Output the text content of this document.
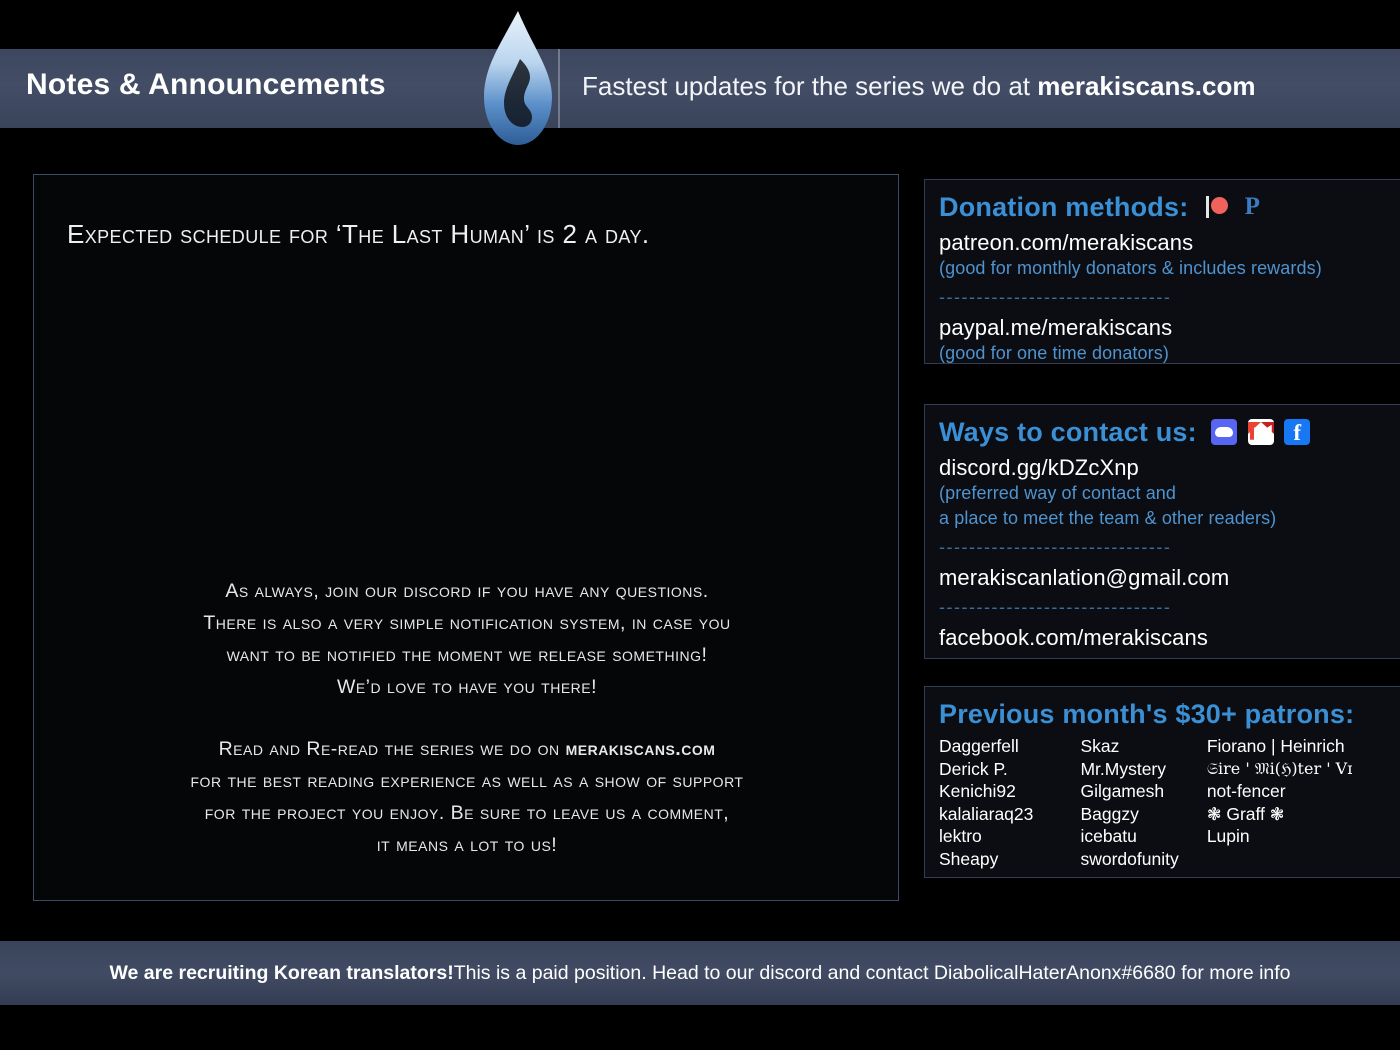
Notes & Announcements	Fastest updates for the series we do at merakiscans.com
Expected schedule for ‘The Last Human’ is 2 a day.

As always, join our discord if you have any questions.
There is also a very simple notification system, in case you
want to be notified the moment we release something!
We’d love to have you there!

Read and Re-read the series we do on merakiscans.com
for the best reading experience as well as a show of support
for the project you enjoy. Be sure to leave us a comment,
it means a lot to us!

Donation methods: P
patreon.com/merakiscans
(good for monthly donators & includes rewards)
-------------------------------
paypal.me/merakiscans
(good for one time donators)
Ways to contact us:	f
discord.gg/kDZcXnp
(preferred way of contact and
a place to meet the team & other readers)
-------------------------------
merakiscanlation@gmail.com
-------------------------------
facebook.com/merakiscans
Previous month's $30+ patrons:
Daggerfell
Derick P.
Kenichi92
kalaliaraq23
lektro
Sheapy
Skaz
Mr.Mystery
Gilgamesh
Baggzy
icebatu
swordofunity
Fiorano | Heinrich
𝔖ire ' 𝔐i(ℌ)ter ' Vɪ
not-fencer
❃ Graff ❃
Lupin
We are recruiting Korean translators!This is a paid position. Head to our discord and contact DiabolicalHaterAnonx#6680 for more info
